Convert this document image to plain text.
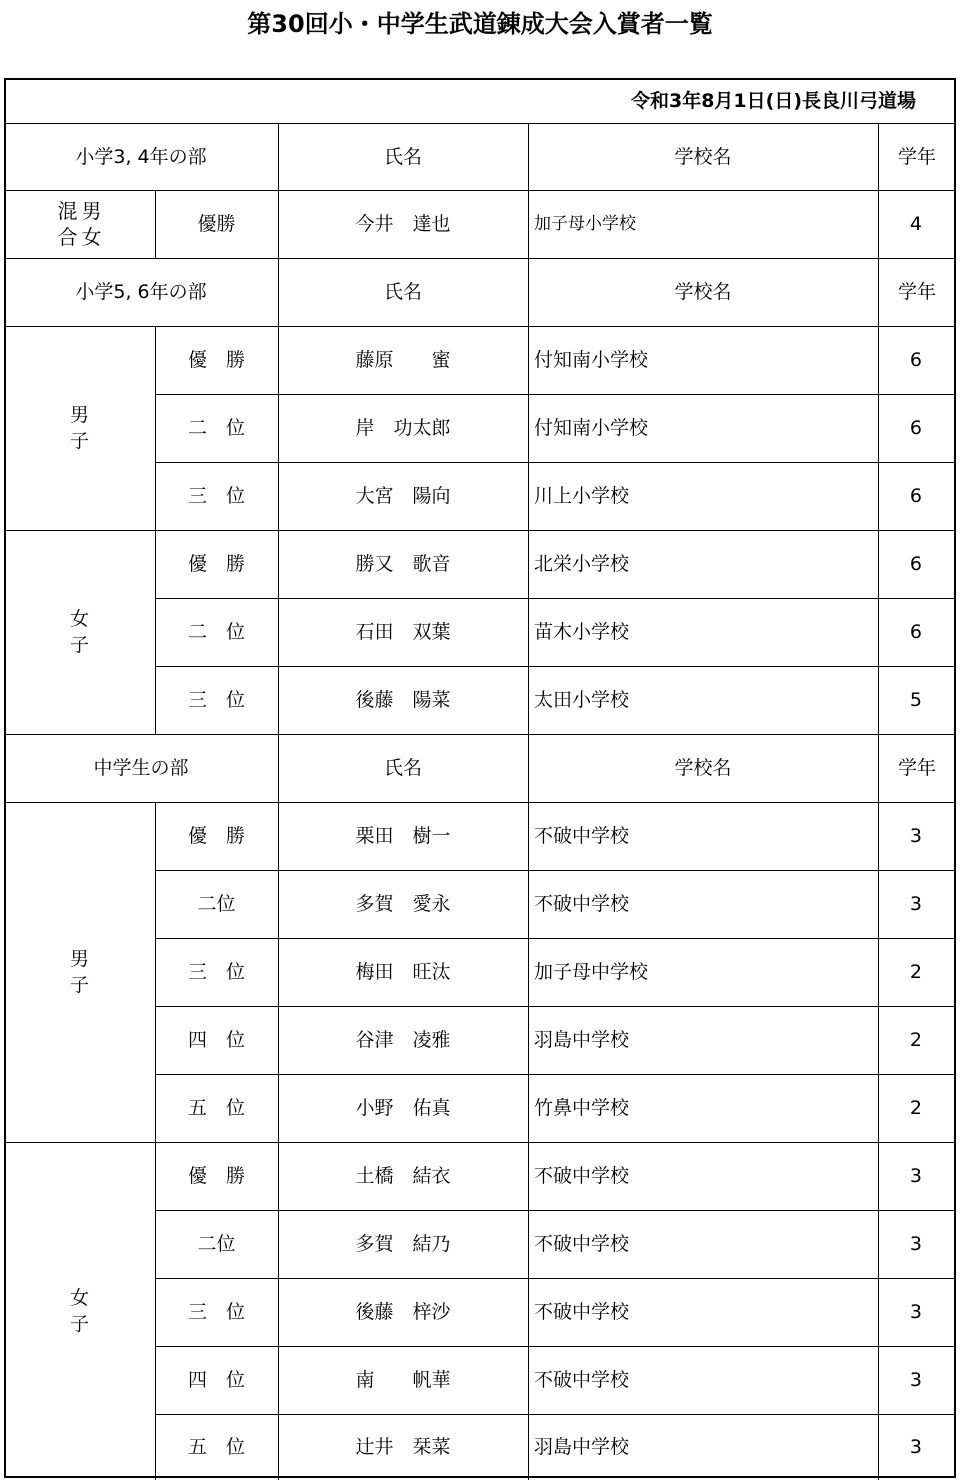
第30回小・中学生武道錬成大会入賞者一覧
令和3年8月1日(日)長良川弓道場
小学3, 4年の部	氏名	学校名	学年
混 男
合 女
優勝	今井　達也	加子母小学校	4
小学5, 6年の部	氏名	学校名	学年
男
子
優　勝	藤原　　蜜	付知南小学校	6
二　位	岸　功太郎	付知南小学校	6
三　位	大宮　陽向	川上小学校	6
女
子
優　勝	勝又　歌音	北栄小学校	6
二　位	石田　双葉	苗木小学校	6
三　位	後藤　陽菜	太田小学校	5
中学生の部	氏名	学校名	学年
男
子
優　勝	栗田　樹一	不破中学校	3
二位	多賀　愛永	不破中学校	3
三　位	梅田　旺汰	加子母中学校	2
四　位	谷津　凌雅	羽島中学校	2
五　位	小野　佑真	竹鼻中学校	2
女
子
優　勝	土橋　結衣	不破中学校	3
二位	多賀　結乃	不破中学校	3
三　位	後藤　梓沙	不破中学校	3
四　位	南　　帆華	不破中学校	3
五　位	辻井　栞菜	羽島中学校	3
